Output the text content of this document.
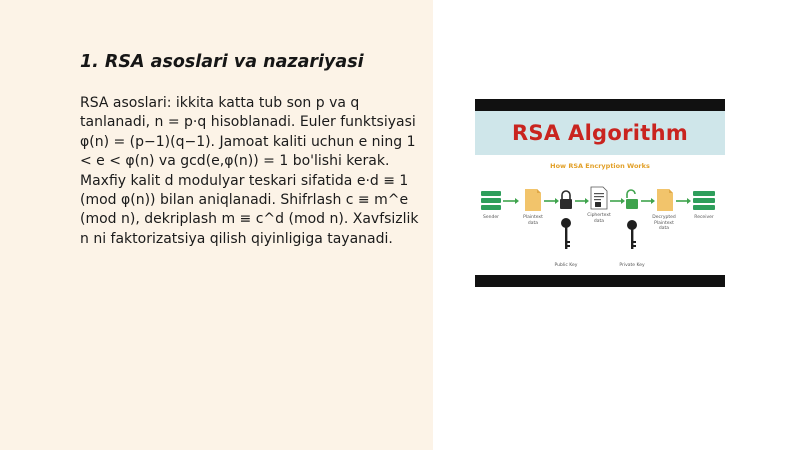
1. RSA asoslari va nazariyasi

RSA asoslari: ikkita katta tub son p va q tanlanadi, n = p·q hisoblanadi. Euler funktsiyasi φ(n) = (p−1)(q−1). Jamoat kaliti uchun e ning 1 < e < φ(n) va gcd(e,φ(n)) = 1 bo'lishi kerak. Maxfiy kalit d modulyar teskari sifatida e·d ≡ 1 (mod φ(n)) bilan aniqlanadi. Shifrlash c ≡ m^e (mod n), dekriplash m ≡ c^d (mod n). Xavfsizlik n ni faktorizatsiya qilish qiyinligiga tayanadi.

RSA Algorithm
How RSA Encryption Works
Sender	Plaintext
data
Ciphertext
data
Decrypted
Plaintext
data
Receiver
Public Key	Private Key
